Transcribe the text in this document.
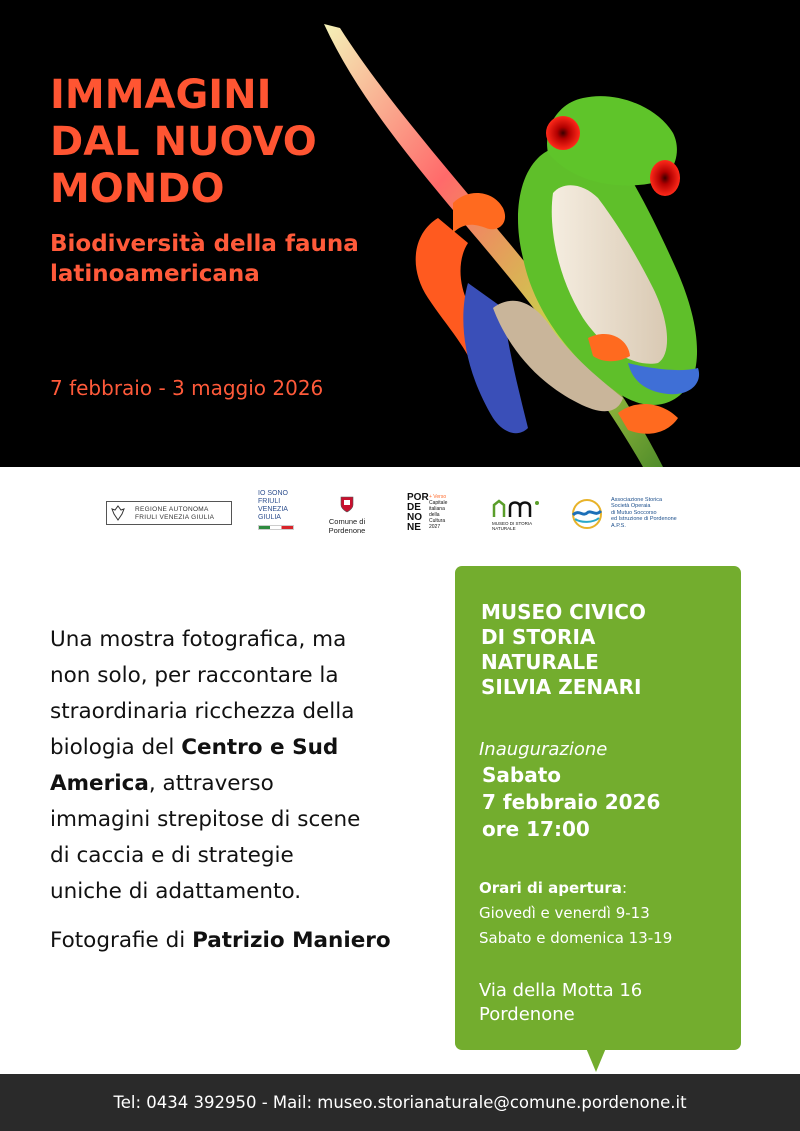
IMMAGINI
DAL NUOVO
MONDO
Biodiversità della fauna
latinoamericana
7 febbraio - 3 maggio 2026
REGIONE AUTONOMA
FRIULI VENEZIA GIULIA
IO SONO
FRIULI
VENEZIA
GIULIA	Comune di Pordenone
POR
DE
NO
NE
+ Verso
Capitale
italiana
della
Cultura
2027
MUSEO DI STORIA
NATURALE
Associazione Storica
Società Operaia
di Mutuo Soccorso
ed Istruzione di Pordenone
A.P.S.

Una mostra fotografica, ma
non solo, per raccontare la
straordinaria ricchezza della
biologia del Centro e Sud
America, attraverso
immagini strepitose di scene
di caccia e di strategie
uniche di adattamento.

Fotografie di Patrizio Maniero
MUSEO CIVICO
DI STORIA
NATURALE
SILVIA ZENARI
Inaugurazione
Sabato
7 febbraio 2026
ore 17:00
Orari di apertura:
Giovedì e venerdì 9-13
Sabato e domenica 13-19
Via della Motta 16
Pordenone
Tel: 0434 392950 - Mail: museo.storianaturale@comune.pordenone.it
